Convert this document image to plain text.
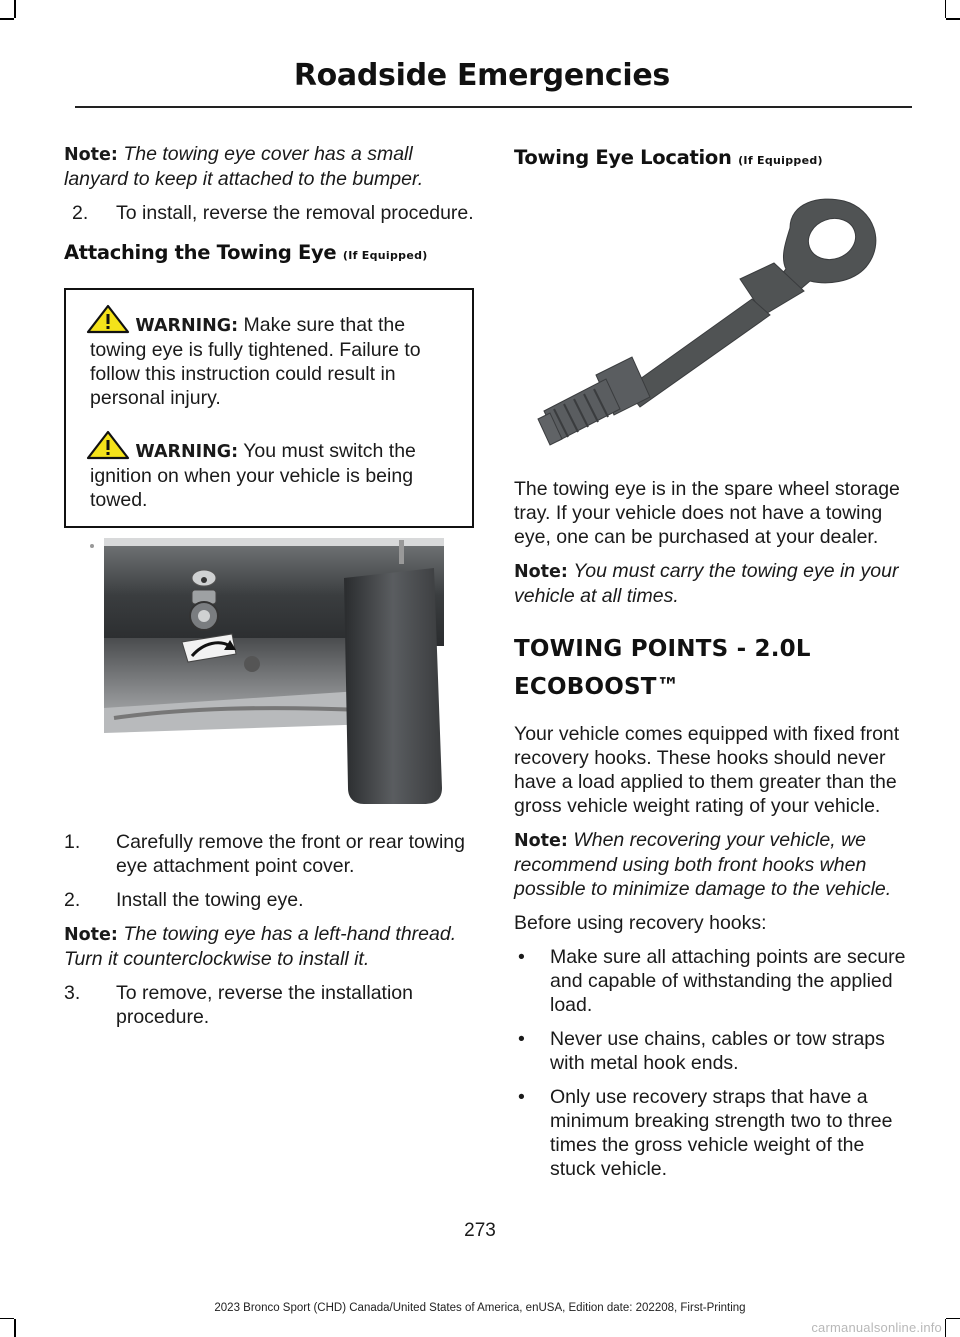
Roadside Emergencies

Note: The towing eye cover has a small lanyard to keep it attached to the bumper.

2.	To install, reverse the removal procedure.
Attaching the Towing Eye (If Equipped)

WARNING: Make sure that the towing eye is fully tightened. Failure to follow this instruction could result in personal injury.

WARNING: You must switch the ignition on when your vehicle is being towed.

1.	Carefully remove the front or rear towing eye attachment point cover.
2.	Install the towing eye.

Note: The towing eye has a left-hand thread. Turn it counterclockwise to install it.

3.	To remove, reverse the installation procedure.
Towing Eye Location (If Equipped)

The towing eye is in the spare wheel storage tray. If your vehicle does not have a towing eye, one can be purchased at your dealer.

Note: You must carry the towing eye in your vehicle at all times.

TOWING POINTS - 2.0L
ECOBOOST™

Your vehicle comes equipped with fixed front recovery hooks. These hooks should never have a load applied to them greater than the gross vehicle weight rating of your vehicle.

Note: When recovering your vehicle, we recommend using both front hooks when possible to minimize damage to the vehicle.

Before using recovery hooks:

•	Make sure all attaching points are secure and capable of withstanding the applied load.
•	Never use chains, cables or tow straps with metal hook ends.
•	Only use recovery straps that have a minimum breaking strength two to three times the gross vehicle weight of the stuck vehicle.
273
2023 Bronco Sport (CHD) Canada/United States of America, enUSA, Edition date: 202208, First-Printing
carmanualsonline.info
